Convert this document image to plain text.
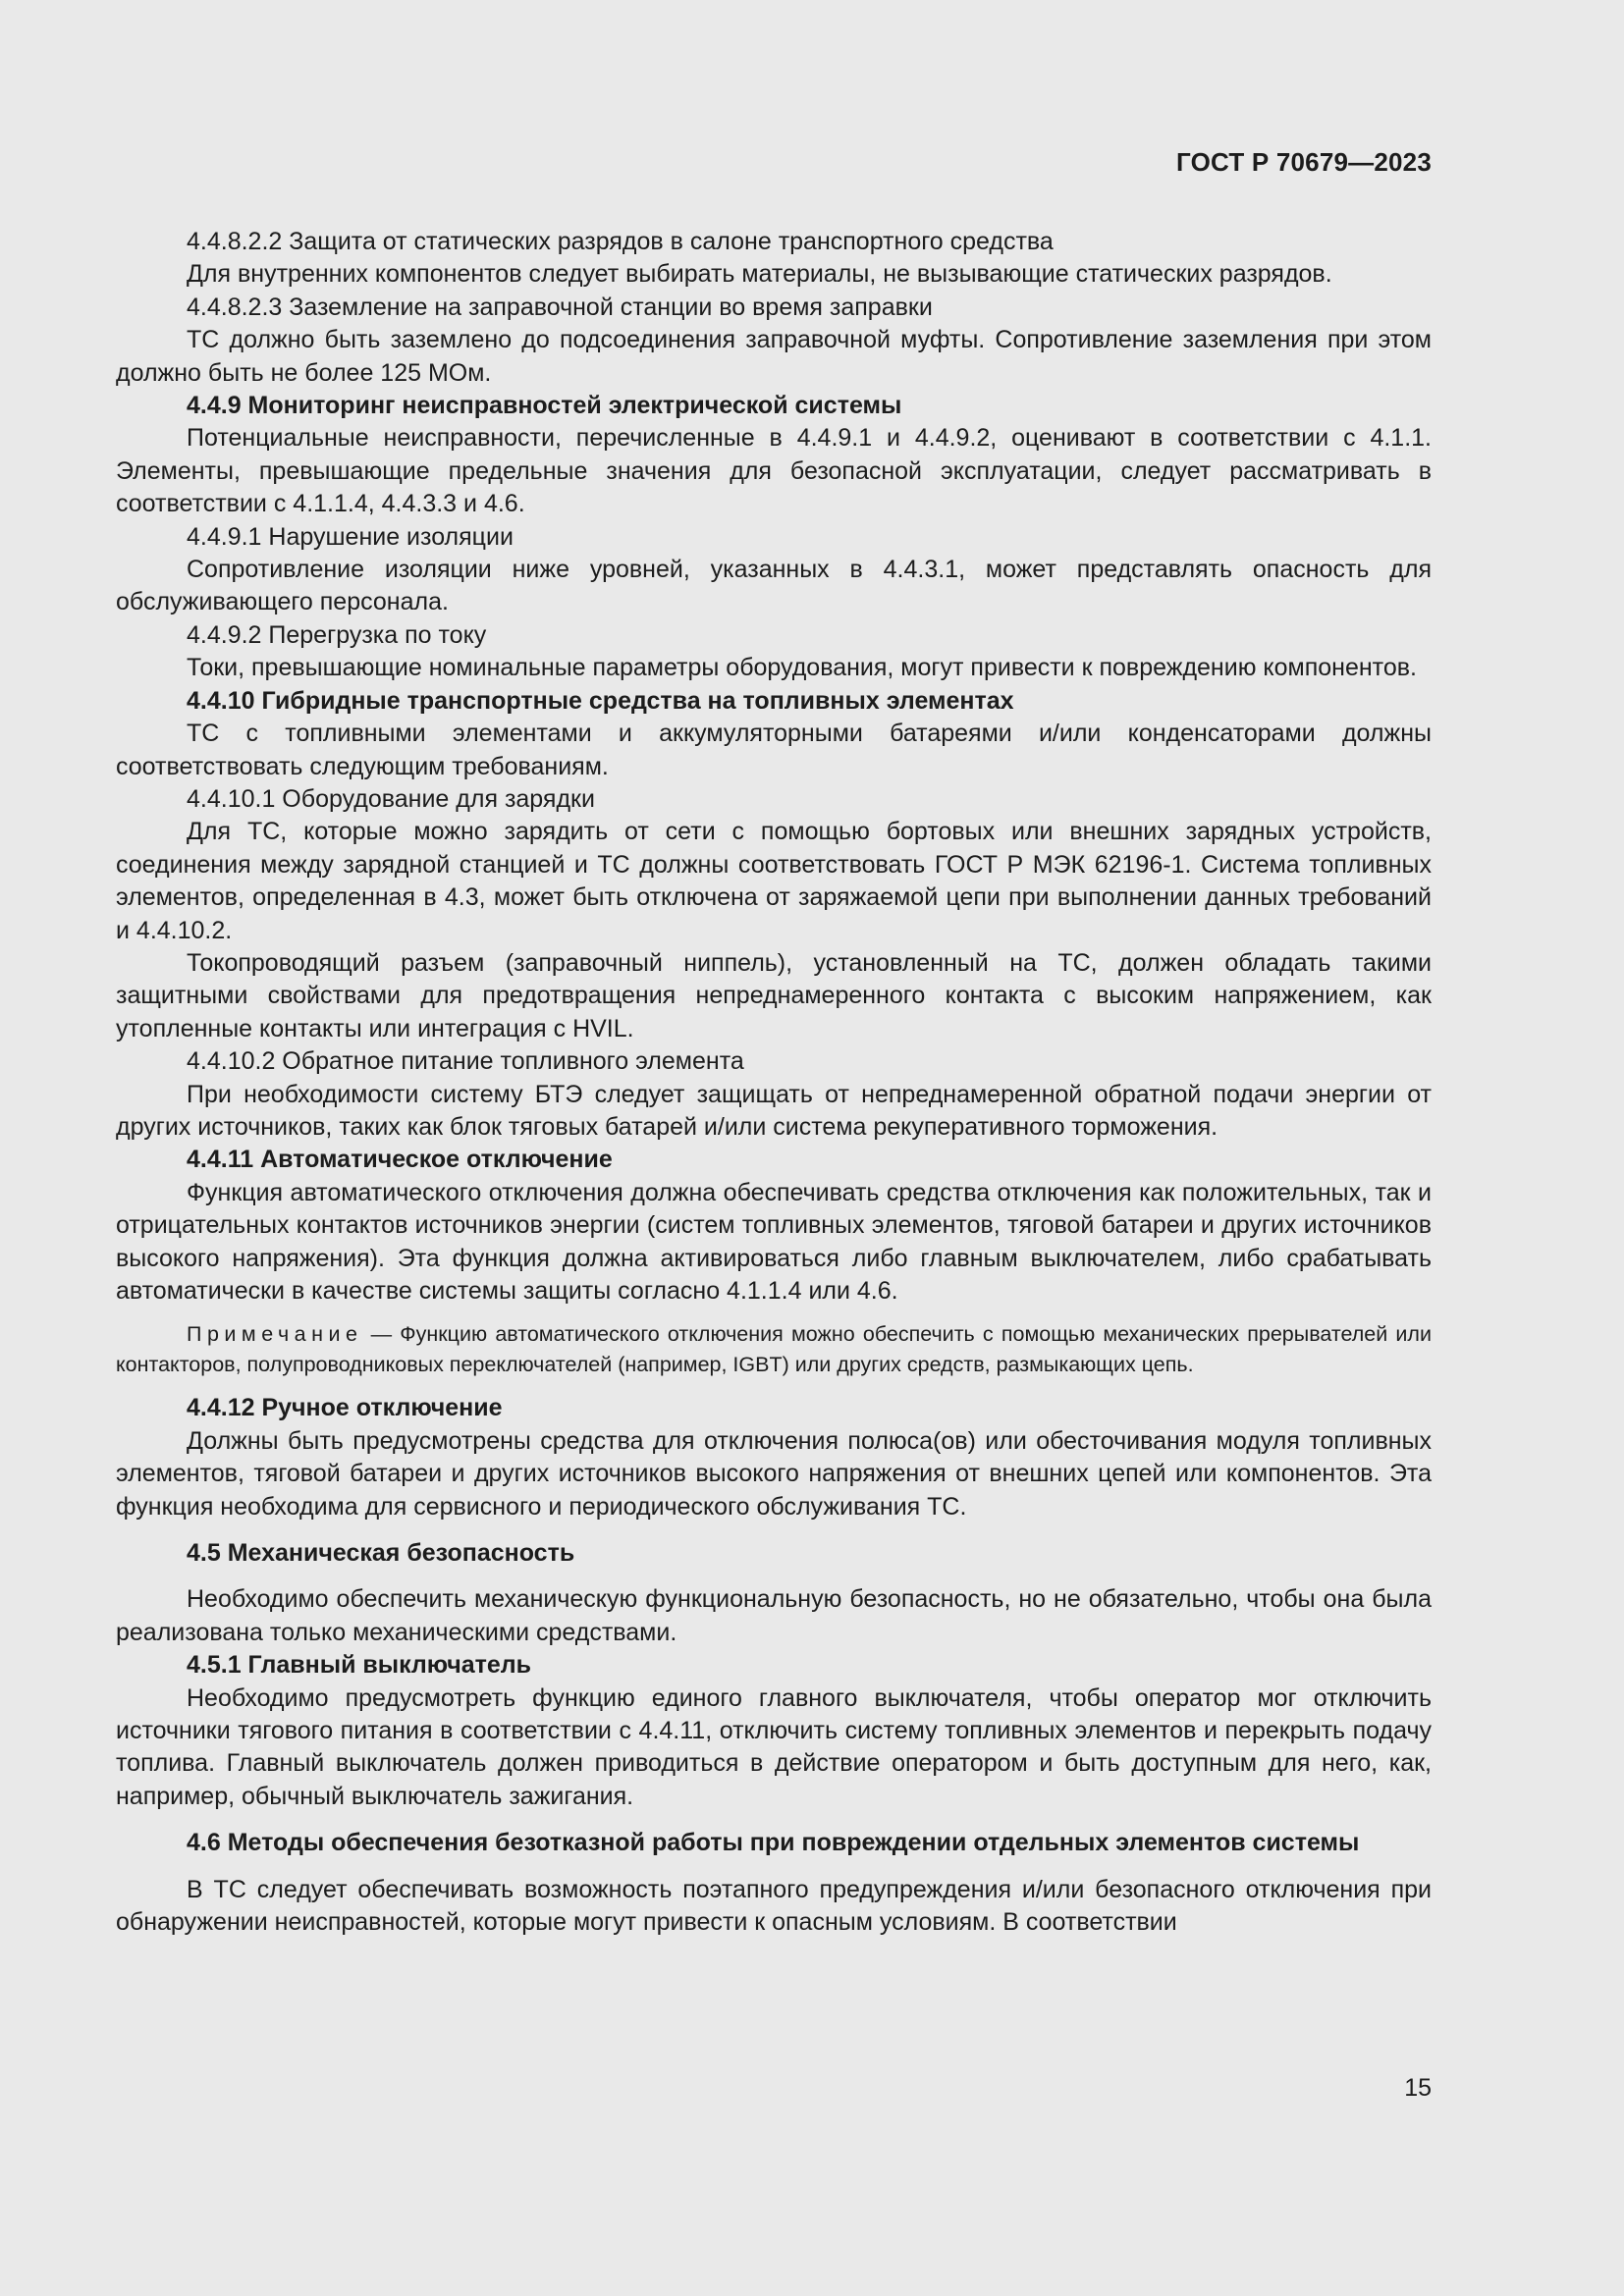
ГОСТ Р 70679—2023

4.4.8.2.2 Защита от статических разрядов в салоне транспортного средства

Для внутренних компонентов следует выбирать материалы, не вызывающие статических разрядов.

4.4.8.2.3 Заземление на заправочной станции во время заправки

ТС должно быть заземлено до подсоединения заправочной муфты. Сопротивление заземления при этом должно быть не более 125 МОм.

4.4.9 Мониторинг неисправностей электрической системы

Потенциальные неисправности, перечисленные в 4.4.9.1 и 4.4.9.2, оценивают в соответствии с 4.1.1. Элементы, превышающие предельные значения для безопасной эксплуатации, следует рассматривать в соответствии с 4.1.1.4, 4.4.3.3 и 4.6.

4.4.9.1 Нарушение изоляции

Сопротивление изоляции ниже уровней, указанных в 4.4.3.1, может представлять опасность для обслуживающего персонала.

4.4.9.2 Перегрузка по току

Токи, превышающие номинальные параметры оборудования, могут привести к повреждению компонентов.

4.4.10 Гибридные транспортные средства на топливных элементах

ТС с топливными элементами и аккумуляторными батареями и/или конденсаторами должны соответствовать следующим требованиям.

4.4.10.1 Оборудование для зарядки

Для ТС, которые можно зарядить от сети с помощью бортовых или внешних зарядных устройств, соединения между зарядной станцией и ТС должны соответствовать ГОСТ Р МЭК 62196-1. Система топливных элементов, определенная в 4.3, может быть отключена от заряжаемой цепи при выполнении данных требований и 4.4.10.2.

Токопроводящий разъем (заправочный ниппель), установленный на ТС, должен обладать такими защитными свойствами для предотвращения непреднамеренного контакта с высоким напряжением, как утопленные контакты или интеграция с HVIL.

4.4.10.2 Обратное питание топливного элемента

При необходимости систему БТЭ следует защищать от непреднамеренной обратной подачи энергии от других источников, таких как блок тяговых батарей и/или система рекуперативного торможения.

4.4.11 Автоматическое отключение

Функция автоматического отключения должна обеспечивать средства отключения как положительных, так и отрицательных контактов источников энергии (систем топливных элементов, тяговой батареи и других источников высокого напряжения). Эта функция должна активироваться либо главным выключателем, либо срабатывать автоматически в качестве системы защиты согласно 4.1.1.4 или 4.6.

Примечание — Функцию автоматического отключения можно обеспечить с помощью механических прерывателей или контакторов, полупроводниковых переключателей (например, IGBT) или других средств, размыкающих цепь.

4.4.12 Ручное отключение

Должны быть предусмотрены средства для отключения полюса(ов) или обесточивания модуля топливных элементов, тяговой батареи и других источников высокого напряжения от внешних цепей или компонентов. Эта функция необходима для сервисного и периодического обслуживания ТС.

4.5 Механическая безопасность

Необходимо обеспечить механическую функциональную безопасность, но не обязательно, чтобы она была реализована только механическими средствами.

4.5.1 Главный выключатель

Необходимо предусмотреть функцию единого главного выключателя, чтобы оператор мог отключить источники тягового питания в соответствии с 4.4.11, отключить систему топливных элементов и перекрыть подачу топлива. Главный выключатель должен приводиться в действие оператором и быть доступным для него, как, например, обычный выключатель зажигания.

4.6 Методы обеспечения безотказной работы при повреждении отдельных элементов системы

В ТС следует обеспечивать возможность поэтапного предупреждения и/или безопасного отключения при обнаружении неисправностей, которые могут привести к опасным условиям. В соответствии

15
